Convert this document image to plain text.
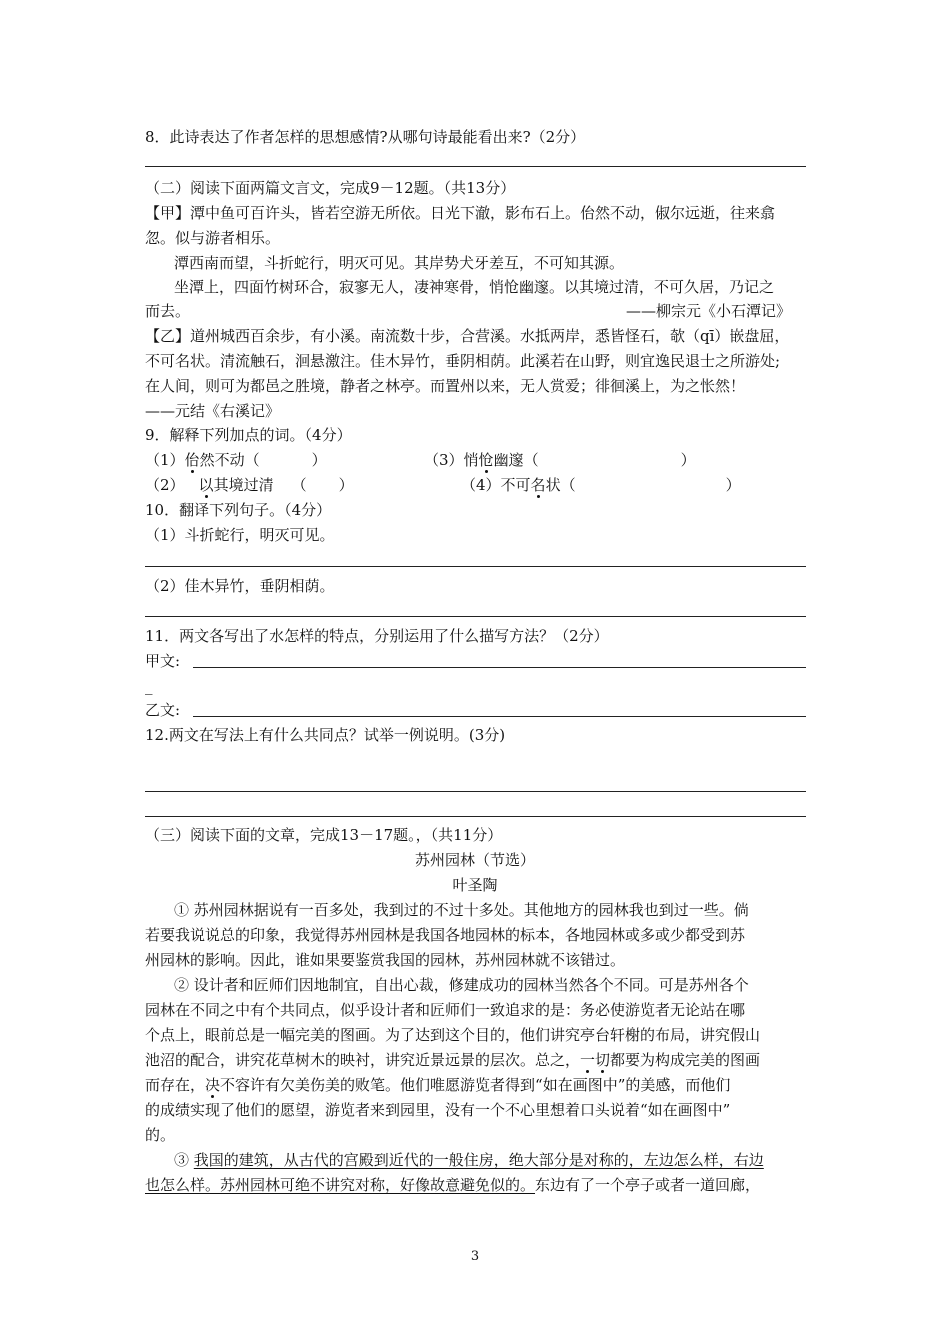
8．此诗表达了作者怎样的思想感情?从哪句诗最能看出来?（2分）
（二）阅读下面两篇文言文，完成9－12题。（共13分）
【甲】潭中鱼可百许头，皆若空游无所依。日光下澈，影布石上。佁然不动，俶尔远逝，往来翕
忽。似与游者相乐。
潭西南而望，斗折蛇行，明灭可见。其岸势犬牙差互，不可知其源。
坐潭上，四面竹树环合，寂寥无人，凄神寒骨，悄怆幽邃。以其境过清，不可久居，乃记之
而去。	——柳宗元《小石潭记》
【乙】道州城西百余步，有小溪。南流数十步，合营溪。水抵两岸，悉皆怪石，欹（qī）嵌盘屈，
不可名状。清流触石，洄悬激注。佳木异竹，垂阴相荫。此溪若在山野，则宜逸民退士之所游处;
在人间，则可为都邑之胜境，静者之林亭。而置州以来，无人赏爱；徘徊溪上，为之怅然！
——元结《右溪记》
9．解释下列加点的词。（4分）
（1）佁然不动（	）	（3）悄怆幽邃（	）
（2） 以其境过清 （ ）	（4）不可名状（	）
10．翻译下列句子。（4分）
（1）斗折蛇行，明灭可见。
（2）佳木异竹，垂阴相荫。
11．两文各写出了水怎样的特点，分别运用了什么描写方法？（2分）
甲文:
_
乙文:
12.两文在写法上有什么共同点？试举一例说明。(3分)
（三）阅读下面的文章，完成13－17题。，（共11分）
苏州园林（节选）
叶圣陶
① 苏州园林据说有一百多处，我到过的不过十多处。其他地方的园林我也到过一些。倘
若要我说说总的印象，我觉得苏州园林是我国各地园林的标本，各地园林或多或少都受到苏
州园林的影响。因此，谁如果要鉴赏我国的园林，苏州园林就不该错过。
② 设计者和匠师们因地制宜，自出心裁，修建成功的园林当然各个不同。可是苏州各个
园林在不同之中有个共同点，似乎设计者和匠师们一致追求的是：务必使游览者无论站在哪
个点上，眼前总是一幅完美的图画。为了达到这个目的，他们讲究亭台轩榭的布局，讲究假山
池沼的配合，讲究花草树木的映衬，讲究近景远景的层次。总之，一切都要为构成完美的图画
而存在，决不容许有欠美伤美的败笔。他们唯愿游览者得到“如在画图中”的美感，而他们
的成绩实现了他们的愿望，游览者来到园里，没有一个不心里想着口头说着“如在画图中”
的。
③ 我国的建筑，从古代的宫殿到近代的一般住房，绝大部分是对称的，左边怎么样，右边
也怎么样。苏州园林可绝不讲究对称，好像故意避免似的。东边有了一个亭子或者一道回廊，
3
